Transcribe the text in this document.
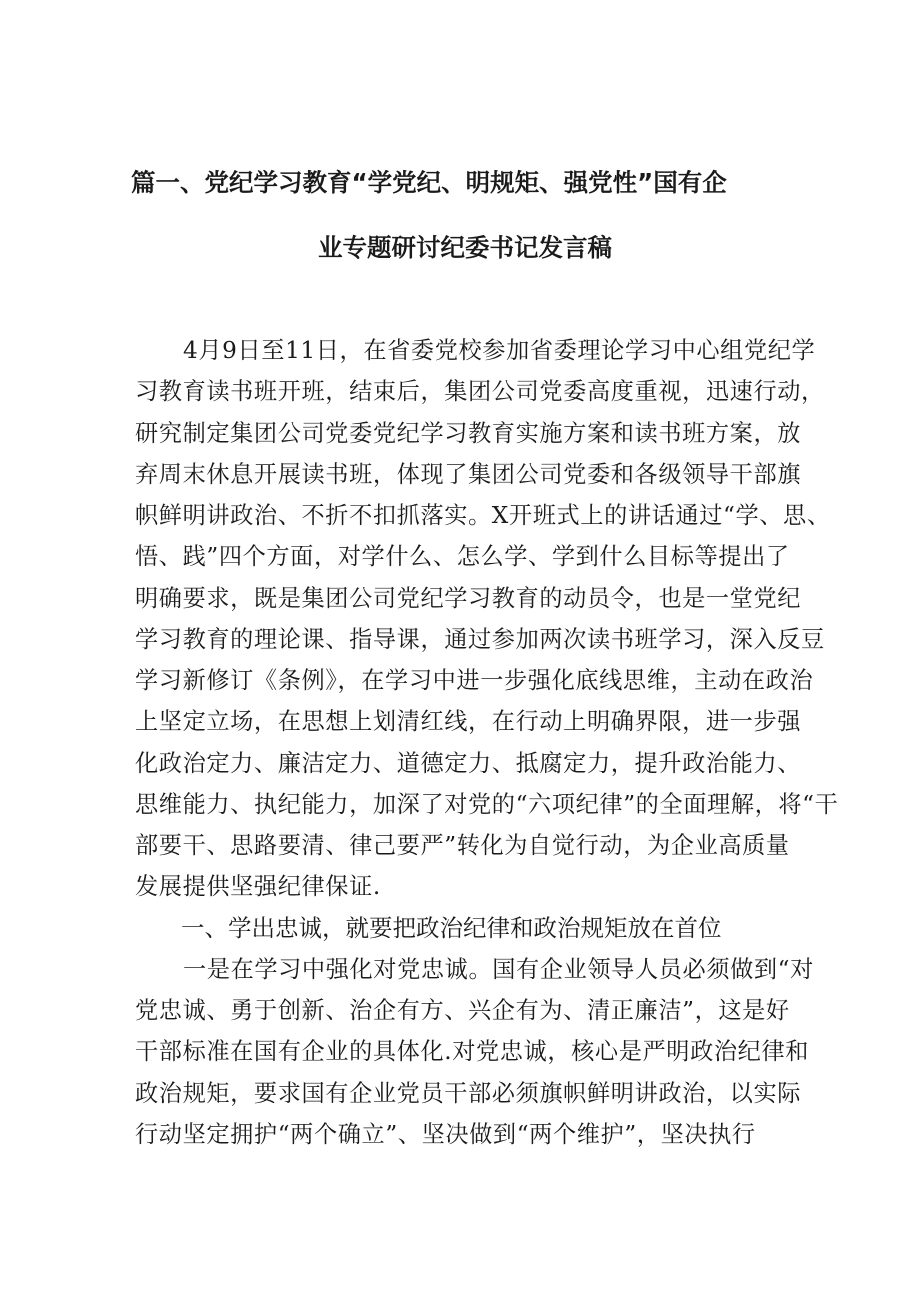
篇一、党纪学习教育“学党纪、明规矩、强党性”国有企
业专题研讨纪委书记发言稿
4月9日至11日，在省委党校参加省委理论学习中心组党纪学
习教育读书班开班，结束后，集团公司党委高度重视，迅速行动，
研究制定集团公司党委党纪学习教育实施方案和读书班方案，放
弃周末休息开展读书班，体现了集团公司党委和各级领导干部旗
帜鲜明讲政治、不折不扣抓落实。X开班式上的讲话通过“学、思、
悟、践”四个方面，对学什么、怎么学、学到什么目标等提出了
明确要求，既是集团公司党纪学习教育的动员令，也是一堂党纪
学习教育的理论课、指导课，通过参加两次读书班学习，深入反豆
学习新修订《条例》，在学习中进一步强化底线思维，主动在政治
上坚定立场，在思想上划清红线，在行动上明确界限，进一步强
化政治定力、廉洁定力、道德定力、抵腐定力，提升政治能力、
思维能力、执纪能力，加深了对党的“六项纪律”的全面理解，将“干
部要干、思路要清、律己要严”转化为自觉行动，为企业高质量
发展提供坚强纪律保证.
一、学出忠诚，就要把政治纪律和政治规矩放在首位
一是在学习中强化对党忠诚。国有企业领导人员必须做到“对
党忠诚、勇于创新、治企有方、兴企有为、清正廉洁”，这是好
干部标准在国有企业的具体化.对党忠诚，核心是严明政治纪律和
政治规矩，要求国有企业党员干部必须旗帜鲜明讲政治，以实际
行动坚定拥护“两个确立”、坚决做到“两个维护”，坚决执行
